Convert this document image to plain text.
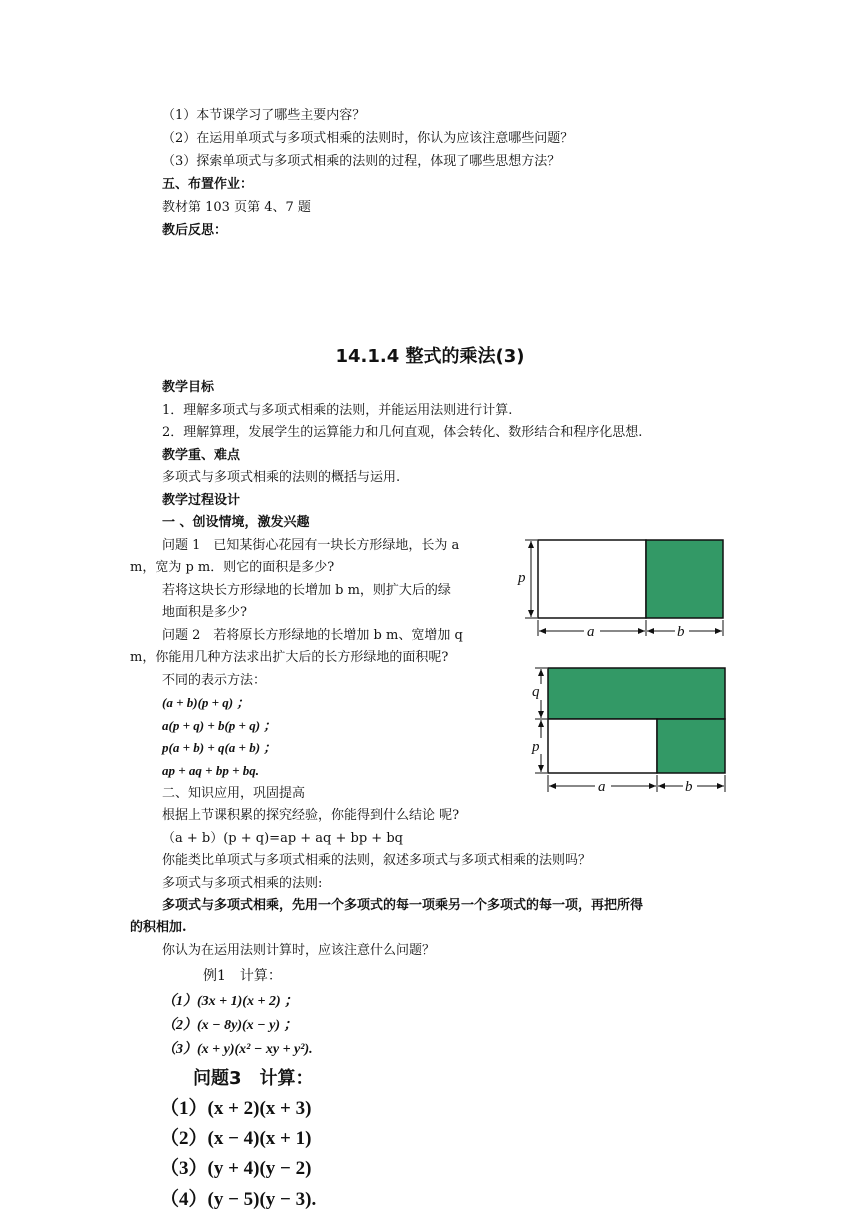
（1）本节课学习了哪些主要内容？
（2）在运用单项式与多项式相乘的法则时，你认为应该注意哪些问题？
（3）探索单项式与多项式相乘的法则的过程，体现了哪些思想方法？
五、布置作业：
教材第 103 页第 4、7 题
教后反思：
14.1.4 整式的乘法(3)
教学目标
1．理解多项式与多项式相乘的法则，并能运用法则进行计算.
2．理解算理，发展学生的运算能力和几何直观，体会转化、数形结合和程序化思想.
教学重、难点
多项式与多项式相乘的法则的概括与运用.
教学过程设计
一 、创设情境，激发兴趣
问题 1　已知某街心花园有一块长方形绿地，长为 a
m，宽为 p m．则它的面积是多少?
若将这块长方形绿地的长增加 b m，则扩大后的绿
地面积是多少?
问题 2　若将原长方形绿地的长增加 b m、宽增加 q
m，你能用几种方法求出扩大后的长方形绿地的面积呢?
不同的表示方法：
(a + b)(p + q) ；
a(p + q) + b(p + q) ；
p(a + b) + q(a + b) ；
ap + aq + bp + bq.
二、知识应用，巩固提高
根据上节课积累的探究经验，你能得到什么结论 呢?
（a + b）(p + q)=ap + aq + bp + bq
你能类比单项式与多项式相乘的法则，叙述多项式与多项式相乘的法则吗？
多项式与多项式相乘的法则:
多项式与多项式相乘，先用一个多项式的每一项乘另一个多项式的每一项，再把所得
的积相加.
你认为在运用法则计算时，应该注意什么问题？
例1　计算：
（1）(3x + 1)(x + 2) ；
（2）(x − 8y)(x − y) ；
（3）(x + y)(x² − xy + y²).
问题3　计算：
（1）(x + 2)(x + 3)
（2）(x − 4)(x + 1)
（3）(y + 4)(y − 2)
（4）(y − 5)(y − 3).
p
a	b
q
p
a	b
